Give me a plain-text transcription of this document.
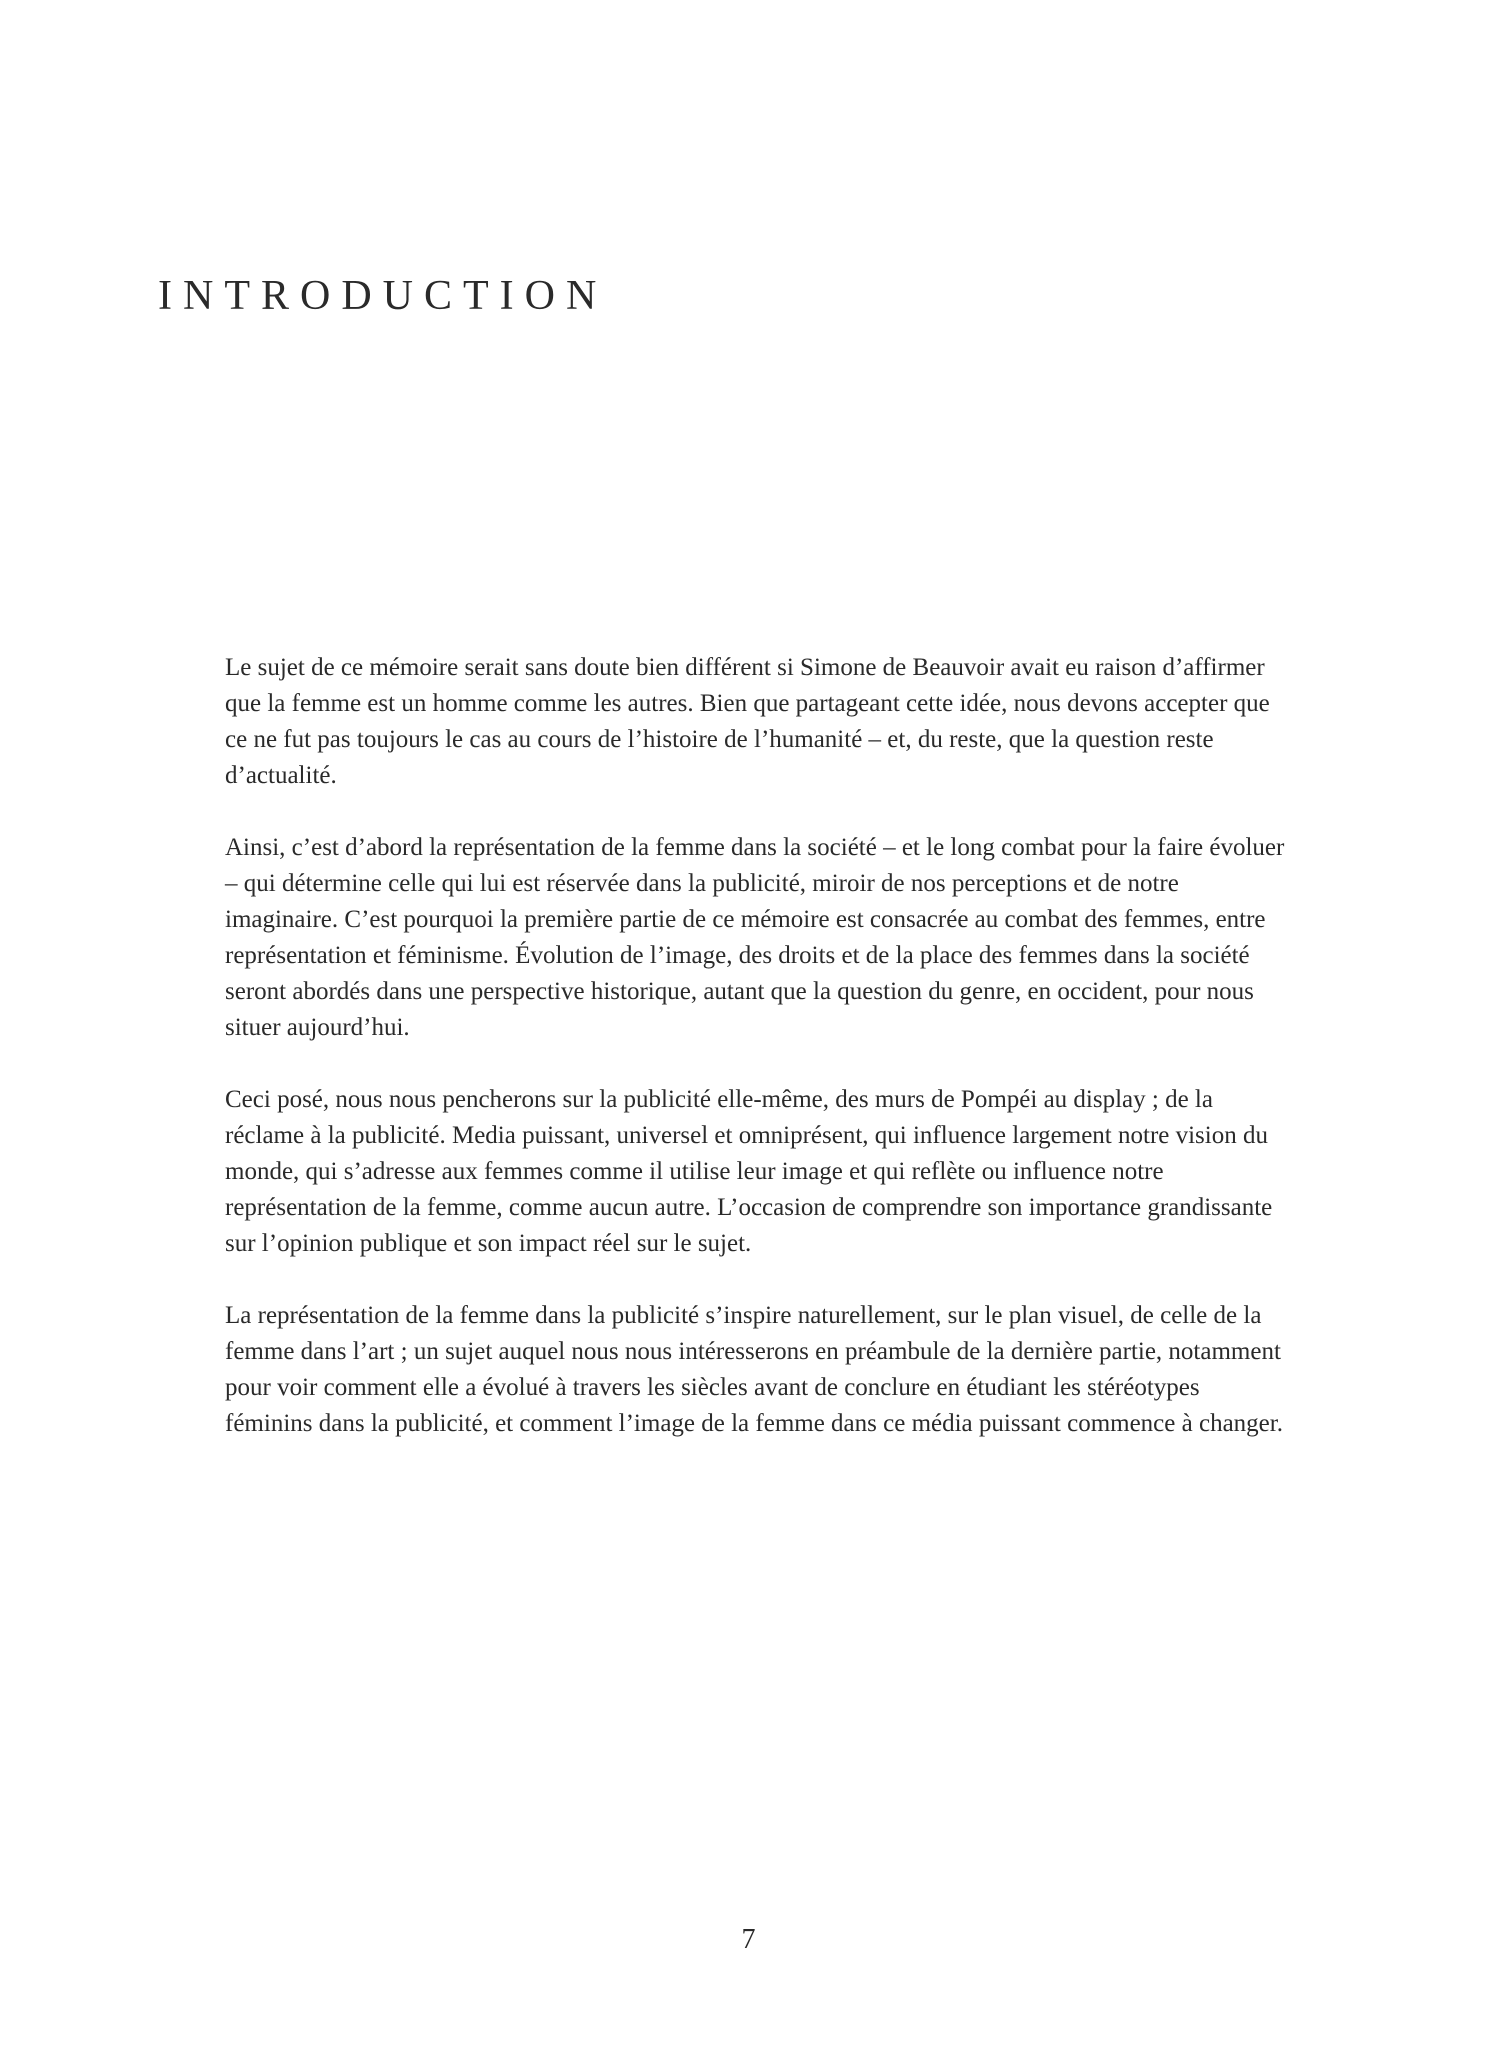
INTRODUCTION

Le sujet de ce mémoire serait sans doute bien différent si Simone de Beauvoir avait eu raison d’affirmer que la femme est un homme comme les autres. Bien que partageant cette idée, nous devons accepter que ce ne fut pas toujours le cas au cours de l’histoire de l’humanité – et, du reste, que la question reste d’actualité.

Ainsi, c’est d’abord la représentation de la femme dans la société – et le long combat pour la faire évoluer – qui détermine celle qui lui est réservée dans la publicité, miroir de nos perceptions et de notre imaginaire. C’est pourquoi la première partie de ce mémoire est consacrée au combat des femmes, entre représentation et féminisme. Évolution de l’image, des droits et de la place des femmes dans la société seront abordés dans une perspective historique, autant que la question du genre, en occident, pour nous situer aujourd’hui.

Ceci posé, nous nous pencherons sur la publicité elle-même, des murs de Pompéi au display ; de la réclame à la publicité. Media puissant, universel et omniprésent, qui influence largement notre vision du monde, qui s’adresse aux femmes comme il utilise leur image et qui reflète ou influence notre représentation de la femme, comme aucun autre. L’occasion de comprendre son importance grandissante sur l’opinion publique et son impact réel sur le sujet.

La représentation de la femme dans la publicité s’inspire naturellement, sur le plan visuel, de celle de la femme dans l’art ; un sujet auquel nous nous intéresserons en préambule de la dernière partie, notamment pour voir comment elle a évolué à travers les siècles avant de conclure en étudiant les stéréotypes féminins dans la publicité, et comment l’image de la femme dans ce média puissant commence à changer.

7
